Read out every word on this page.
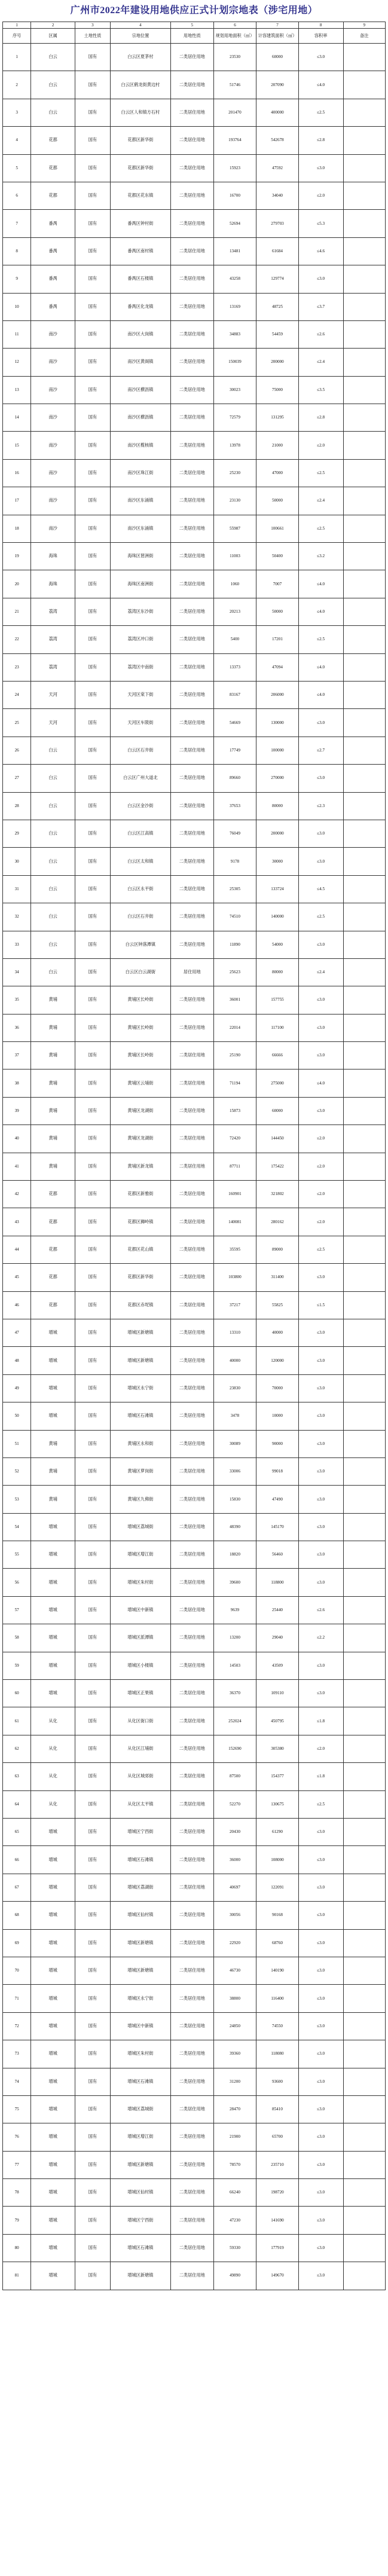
广州市2022年建设用地供应正式计划宗地表（涉宅用地）
1	2	3	4	5	6	7	8	9
序号	区属	土地性质	宗地位置	用地性质	规划用地面积（㎡）	计容建筑面积（㎡）	容积率	备注
1	白云	国有	白云区夏茅村	二类居住用地	23530	60000	≤3.0	
2	白云	国有	白云区鹤龙街黄边村	二类居住用地	51746	207090	≤4.0	
3	白云	国有	白云区人和镇方石村	二类居住用地	201470	400000	≤2.5	
4	花都	国有	花都区新华街	二类居住用地	193764	542678	≤2.8	
5	花都	国有	花都区新华街	二类居住用地	15923	47592	≤3.0	
6	花都	国有	花都区花东镇	二类居住用地	16700	34040	≤2.0	
7	番禺	国有	番禺区钟村街	二类居住用地	52694	279703	≤5.3	
8	番禺	国有	番禺区南村镇	二类居住用地	13481	61684	≤4.6	
9	番禺	国有	番禺区石楼镇	二类居住用地	43258	129774	≤3.0	
10	番禺	国有	番禺区化龙镇	二类居住用地	13169	48725	≤3.7	
11	南沙	国有	南沙区大岗镇	二类居住用地	34883	54459	≤2.6	
12	南沙	国有	南沙区黄阁镇	二类居住用地	150039	200000	≤2.4	
13	南沙	国有	南沙区横沥镇	二类居住用地	30023	75000	≤3.5	
14	南沙	国有	南沙区横沥镇	二类居住用地	72579	131295	≤2.8	
15	南沙	国有	南沙区榄核镇	二类居住用地	13978	21000	≤2.0	
16	南沙	国有	南沙区珠江街	二类居住用地	25230	47000	≤2.5	
17	南沙	国有	南沙区东涌镇	二类居住用地	23130	50000	≤2.4	
18	南沙	国有	南沙区东涌镇	二类居住用地	55987	100661	≤2.5	
19	海珠	国有	海珠区琶洲街	二类居住用地	11003	50400	≤3.2	
20	海珠	国有	海珠区南洲街	二类居住用地	1060	7007	≤4.0	
21	荔湾	国有	荔湾区东沙街	二类居住用地	20213	50000	≤4.0	
22	荔湾	国有	荔湾区冲口街	二类居住用地	5400	17201	≤2.5	
23	荔湾	国有	荔湾区中南街	二类居住用地	13373	47094	≤4.0	
24	天河	国有	天河区棠下街	二类居住用地	83167	206000	≤4.0	
25	天河	国有	天河区车陂街	二类居住用地	54669	130000	≤3.0	
26	白云	国有	白云区石井街	二类居住用地	17749	100000	≤2.7	
27	白云	国有	白云区广州大道北	二类居住用地	89660	270000	≤3.0	
28	白云	国有	白云区金沙街	二类居住用地	37653	80000	≤2.3	
29	白云	国有	白云区江高镇	二类居住用地	76049	200000	≤3.0	
30	白云	国有	白云区太和镇	二类居住用地	9178	30000	≤3.0	
31	白云	国有	白云区永平街	二类居住用地	25305	133724	≤4.5	
32	白云	国有	白云区石井街	二类居住用地	74510	140000	≤2.5	
33	白云	国有	白云区钟落潭镇	二类居住用地	11890	54000	≤3.0	
34	白云	国有	白云区白云湖街	居住用地	25623	80000	≤2.4	
35	黄埔	国有	黄埔区长岭街	二类居住用地	36001	157755	≤3.0	
36	黄埔	国有	黄埔区长岭街	二类居住用地	22014	117100	≤3.0	
37	黄埔	国有	黄埔区长岭街	二类居住用地	25190	66666	≤3.0	
38	黄埔	国有	黄埔区云埔街	二类居住用地	71194	275000	≤4.0	
39	黄埔	国有	黄埔区龙湖街	二类居住用地	15873	60000	≤3.0	
40	黄埔	国有	黄埔区龙湖街	二类居住用地	72420	144450	≤2.0	
41	黄埔	国有	黄埔区新龙镇	二类居住用地	87711	175422	≤2.0	
42	花都	国有	花都区新雅街	二类居住用地	160901	321802	≤2.0	
43	花都	国有	花都区狮岭镇	二类居住用地	140081	280162	≤2.0	
44	花都	国有	花都区花山镇	二类居住用地	35595	89000	≤2.5	
45	花都	国有	花都区新华街	二类居住用地	103800	311400	≤3.0	
46	花都	国有	花都区赤坭镇	二类居住用地	37217	55825	≤1.5	
47	增城	国有	增城区新塘镇	二类居住用地	13310	40000	≤3.0	
48	增城	国有	增城区新塘镇	二类居住用地	40000	120000	≤3.0	
49	增城	国有	增城区永宁街	二类居住用地	23830	70000	≤3.0	
50	增城	国有	增城区石滩镇	二类居住用地	3478	10000	≤3.0	
51	黄埔	国有	黄埔区永和街	二类居住用地	30089	90000	≤3.0	
52	黄埔	国有	黄埔区萝岗街	二类居住用地	33006	99018	≤3.0	
53	黄埔	国有	黄埔区九佛街	二类居住用地	15830	47490	≤3.0	
54	增城	国有	增城区荔城街	二类居住用地	48390	145170	≤3.0	
55	增城	国有	增城区增江街	二类居住用地	18820	56460	≤3.0	
56	增城	国有	增城区朱村街	二类居住用地	39600	118800	≤3.0	
57	增城	国有	增城区中新镇	二类居住用地	9639	25440	≤2.6	
58	增城	国有	增城区派潭镇	二类居住用地	13200	29040	≤2.2	
59	增城	国有	增城区小楼镇	二类居住用地	14503	43509	≤3.0	
60	增城	国有	增城区正果镇	二类居住用地	36370	109110	≤3.0	
61	从化	国有	从化区街口街	二类居住用地	252024	450795	≤1.8	
62	从化	国有	从化区江埔街	二类居住用地	152690	305380	≤2.0	
63	从化	国有	从化区城郊街	二类居住用地	87500	154377	≤1.8	
64	从化	国有	从化区太平镇	二类居住用地	52270	130675	≤2.5	
65	增城	国有	增城区宁西街	二类居住用地	20430	61290	≤3.0	
66	增城	国有	增城区石滩镇	二类居住用地	36000	108000	≤3.0	
67	增城	国有	增城区荔湖街	二类居住用地	40697	122091	≤3.0	
68	增城	国有	增城区仙村镇	二类居住用地	30056	90168	≤3.0	
69	增城	国有	增城区新塘镇	二类居住用地	22920	68760	≤3.0	
70	增城	国有	增城区新塘镇	二类居住用地	46730	140190	≤3.0	
71	增城	国有	增城区永宁街	二类居住用地	38800	116400	≤3.0	
72	增城	国有	增城区中新镇	二类居住用地	24850	74550	≤3.0	
73	增城	国有	增城区朱村街	二类居住用地	39360	118080	≤3.0	
74	增城	国有	增城区石滩镇	二类居住用地	31200	93600	≤3.0	
75	增城	国有	增城区荔城街	二类居住用地	28470	85410	≤3.0	
76	增城	国有	增城区增江街	二类居住用地	21900	65700	≤3.0	
77	增城	国有	增城区新塘镇	二类居住用地	78570	235710	≤3.0	
78	增城	国有	增城区仙村镇	二类居住用地	66240	198720	≤3.0	
79	增城	国有	增城区宁西街	二类居住用地	47230	141690	≤3.0	
80	增城	国有	增城区石滩镇	二类居住用地	59330	177919	≤3.0	
81	增城	国有	增城区新塘镇	二类居住用地	49890	149670	≤3.0	
